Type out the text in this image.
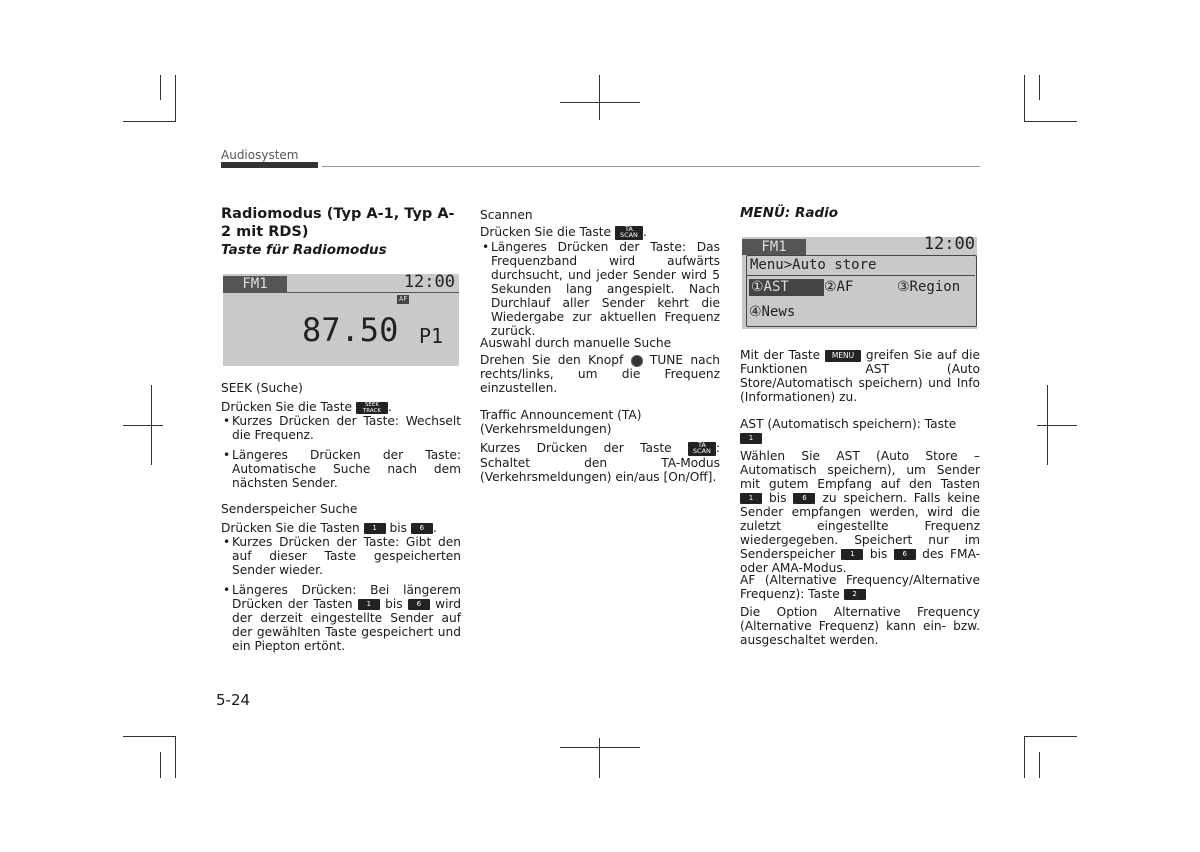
Audiosystem
Radiomodus (Typ A-1, Typ A-2 mit RDS)
Taste für Radiomodus
FM1	12:00
AF
87.50 P1

SEEK (Suche)

Drücken Sie die Taste SEEK
TRACK .

• Kurzes Drücken der Taste: Wechselt die Frequenz.

• Längeres Drücken der Taste: Automatische Suche nach dem nächsten Sender.

Senderspeicher Suche

Drücken Sie die Tasten 1 bis 6 .

• Kurzes Drücken der Taste: Gibt den auf dieser Taste gespeicherten Sender wieder.

• Längeres Drücken: Bei längerem Drücken der Tasten 1 bis 6 wird der derzeit eingestellte Sender auf der gewählten Taste gespeichert und ein Piepton ertönt.

Scannen

Drücken Sie die Taste TA
SCAN .

• Längeres Drücken der Taste: Das Frequenzband wird aufwärts durchsucht, und jeder Sender wird 5 Sekunden lang angespielt. Nach Durchlauf aller Sender kehrt die Wiedergabe zur aktuellen Frequenz zurück.

Auswahl durch manuelle Suche

Drehen Sie den Knopf TUNE nach rechts/links, um die Frequenz einzustellen.

Traffic Announcement (TA) (Verkehrsmeldungen)

Kurzes Drücken der Taste	TA
SCAN : Schaltet den TA-Modus (Verkehrsmeldungen) ein/aus [On/Off].

MENÜ: Radio
FM1	12:00
Menu>Auto store
①AST	②AF	③Region
④News

Mit der Taste MENU greifen Sie auf die Funktionen AST (Auto Store/Automatisch speichern) und Info (Informationen) zu.

AST (Automatisch speichern): Taste
1

Wählen Sie AST (Auto Store – Automatisch speichern), um Sender mit gutem Empfang auf den Tasten 1 bis 6 zu speichern. Falls keine Sender empfangen werden, wird die zuletzt eingestellte Frequenz wiedergegeben. Speichert nur im Senderspeicher 1 bis 6 des FMA- oder AMA-Modus.

AF (Alternative Frequency/Alternative Frequenz): Taste 2

Die Option Alternative Frequency (Alternative Frequenz) kann ein- bzw. ausgeschaltet werden.

5-24
